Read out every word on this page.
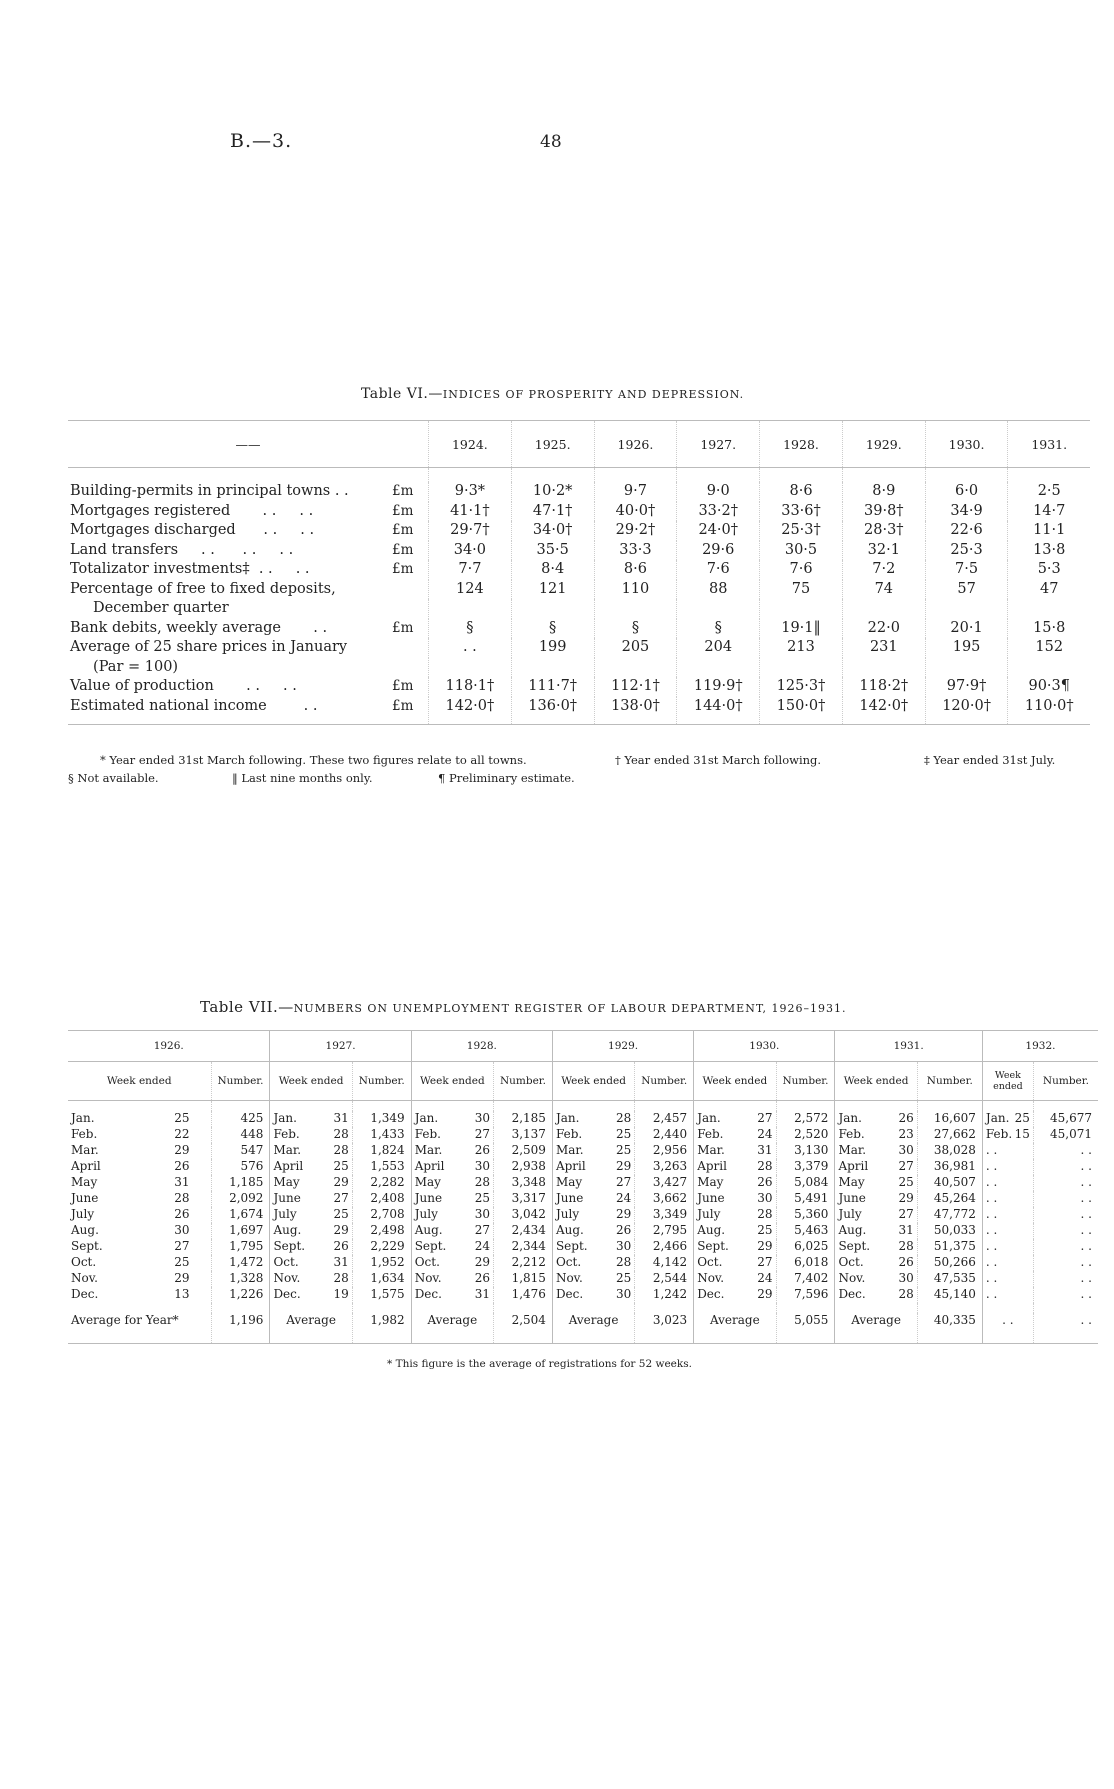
B.—3.	48
Table VI.—INDICES OF PROSPERITY AND DEPRESSION.
——		1924.	1925.	1926.	1927.	1928.	1929.	1930.	1931.

Building-permits in principal towns . .	£m	9·3*	10·2*	9·7	9·0	8·6	8·9	6·0	2·5
Mortgages registered       . .     . .	£m	41·1†	47·1†	40·0†	33·2†	33·6†	39·8†	34·9	14·7
Mortgages discharged      . .     . .	£m	29·7†	34·0†	29·2†	24·0†	25·3†	28·3†	22·6	11·1
Land transfers     . .      . .     . .	£m	34·0	35·5	33·3	29·6	30·5	32·1	25·3	13·8
Totalizator investments‡  . .     . .	£m	7·7	8·4	8·6	7·6	7·6	7·2	7·5	5·3
Percentage of free to fixed deposits,		124	121	110	88	75	74	57	47
December quarter									
Bank debits, weekly average       . .	£m	§	§	§	§	19·1‖	22·0	20·1	15·8
Average of 25 share prices in January		. .	199	205	204	213	231	195	152
(Par = 100)									
Value of production       . .     . .	£m	118·1†	111·7†	112·1†	119·9†	125·3†	118·2†	97·9†	90·3¶
Estimated national income        . .	£m	142·0†	136·0†	138·0†	144·0†	150·0†	142·0†	120·0†	110·0†
* Year ended 31st March following. These two figures relate to all towns.	† Year ended 31st March following.	‡ Year ended 31st July.
§ Not available.	‖ Last nine months only.	¶ Preliminary estimate.
Table VII.—NUMBERS ON UNEMPLOYMENT REGISTER OF LABOUR DEPARTMENT, 1926–1931.
1926.		1927.		1928.		1929.		1930.		1931.		1932.	
Week ended	Number.	Week ended	Number.	Week ended	Number.	Week ended	Number.	Week ended	Number.	Week ended	Number.	Week ended	Number.

Jan. 25	425	Jan. 31	1,349	Jan. 30	2,185	Jan. 28	2,457	Jan. 27	2,572	Jan. 26	16,607	Jan. 25	45,677
Feb. 22	448	Feb. 28	1,433	Feb. 27	3,137	Feb. 25	2,440	Feb. 24	2,520	Feb. 23	27,662	Feb. 15	45,071
Mar. 29	547	Mar. 28	1,824	Mar. 26	2,509	Mar. 25	2,956	Mar. 31	3,130	Mar. 30	38,028	. .	. .
April 26	576	April 25	1,553	April 30	2,938	April 29	3,263	April 28	3,379	April 27	36,981	. .	. .
May 31	1,185	May 29	2,282	May 28	3,348	May 27	3,427	May 26	5,084	May 25	40,507	. .	. .
June 28	2,092	June 27	2,408	June 25	3,317	June 24	3,662	June 30	5,491	June 29	45,264	. .	. .
July 26	1,674	July 25	2,708	July 30	3,042	July 29	3,349	July 28	5,360	July 27	47,772	. .	. .
Aug. 30	1,697	Aug. 29	2,498	Aug. 27	2,434	Aug. 26	2,795	Aug. 25	5,463	Aug. 31	50,033	. .	. .
Sept. 27	1,795	Sept. 26	2,229	Sept. 24	2,344	Sept. 30	2,466	Sept. 29	6,025	Sept. 28	51,375	. .	. .
Oct. 25	1,472	Oct. 31	1,952	Oct. 29	2,212	Oct. 28	4,142	Oct. 27	6,018	Oct. 26	50,266	. .	. .
Nov. 29	1,328	Nov. 28	1,634	Nov. 26	1,815	Nov. 25	2,544	Nov. 24	7,402	Nov. 30	47,535	. .	. .
Dec. 13	1,226	Dec. 19	1,575	Dec. 31	1,476	Dec. 30	1,242	Dec. 29	7,596	Dec. 28	45,140	. .	. .

Average for Year*	1,196	Average	1,982	Average	2,504	Average	3,023	Average	5,055	Average	40,335	. .	. .
* This figure is the average of registrations for 52 weeks.
